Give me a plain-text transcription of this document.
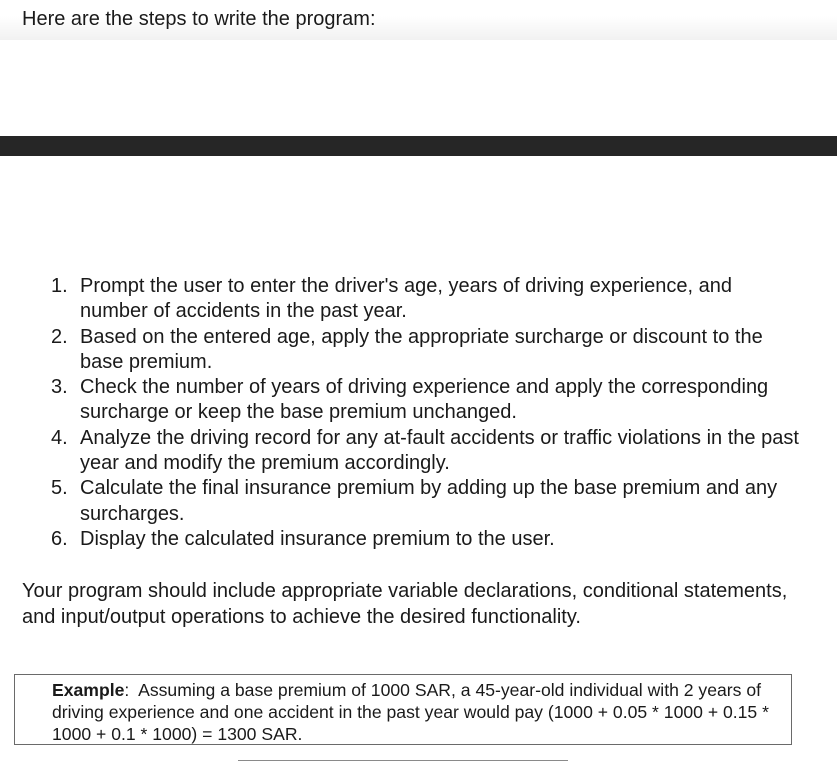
Here are the steps to write the program:
1. Prompt the user to enter the driver's age, years of driving experience, and number of accidents in the past year.
2. Based on the entered age, apply the appropriate surcharge or discount to the base premium.
3. Check the number of years of driving experience and apply the corresponding surcharge or keep the base premium unchanged.
4. Analyze the driving record for any at-fault accidents or traffic violations in the past year and modify the premium accordingly.
5. Calculate the final insurance premium by adding up the base premium and any surcharges.
6. Display the calculated insurance premium to the user.

Your program should include appropriate variable declarations, conditional statements, and input/output operations to achieve the desired functionality.

Example: Assuming a base premium of 1000 SAR, a 45-year-old individual with 2 years of driving experience and one accident in the past year would pay (1000 + 0.05 * 1000 + 0.15 * 1000 + 0.1 * 1000) = 1300 SAR.
